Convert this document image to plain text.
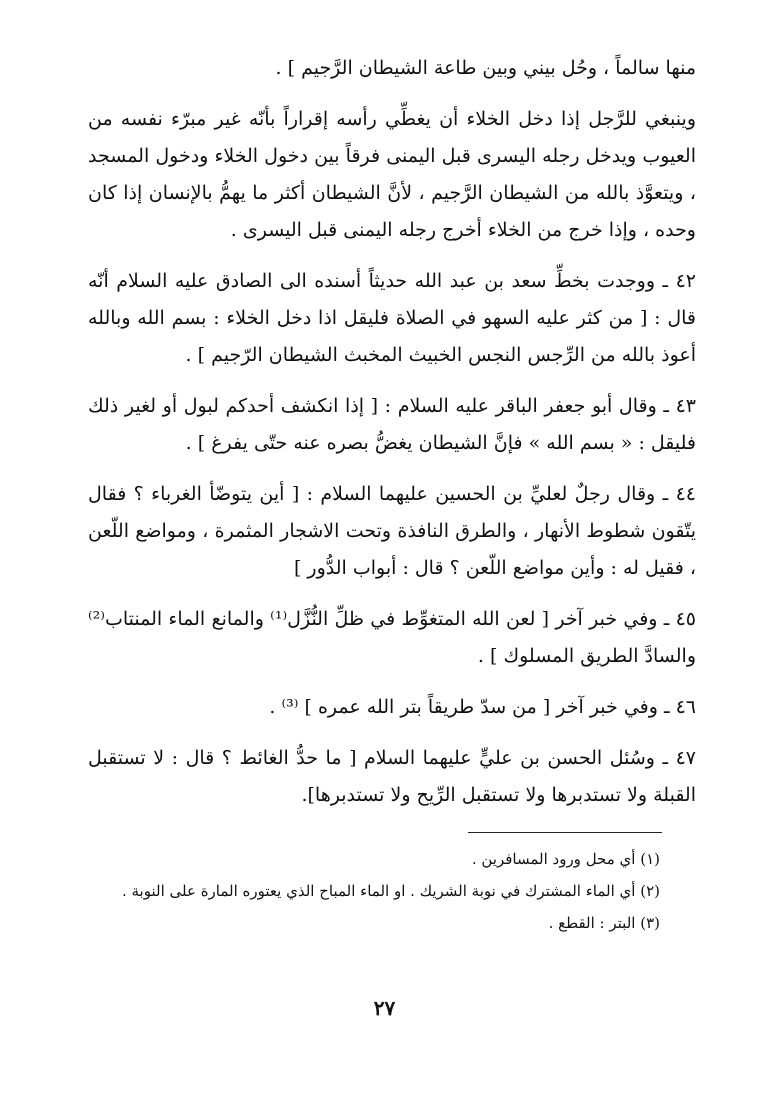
منها سالماً ، وحُل بيني وبين طاعة الشيطان الرَّجيم ] .

وينبغي للرَّجل إذا دخل الخلاء أن يغطِّي رأسه إقراراً بأنّه غير مبرّء نفسه من العيوب ويدخل رجله اليسرى قبل اليمنى فرقاً بين دخول الخلاء ودخول المسجد ، ويتعوَّذ بالله من الشيطان الرَّجيم ، لأنَّ الشيطان أكثر ما يهمُّ بالإنسان إذا كان وحده ، وإذا خرج من الخلاء أخرج رجله اليمنى قبل اليسرى .

٤٢ ـ ووجدت بخطِّ سعد بن عبد الله حديثاً أسنده الى الصادق عليه السلام أنّه قال : [ من كثر عليه السهو في الصلاة فليقل اذا دخل الخلاء : بسم الله وبالله أعوذ بالله من الرِّجس النجس الخبيث المخبث الشيطان الرّجيم ] .

٤٣ ـ وقال أبو جعفر الباقر عليه السلام : [ إذا انكشف أحدكم لبول أو لغير ذلك فليقل : « بسم الله » فإنَّ الشيطان يغضُّ بصره عنه حتّى يفرغ ] .

٤٤ ـ وقال رجلٌ لعليِّ بن الحسين عليهما السلام : [ أين يتوضّأ الغرباء ؟ فقال يتّقون شطوط الأنهار ، والطرق النافذة وتحت الاشجار المثمرة ، ومواضع اللّعن ، فقيل له : وأين مواضع اللّعن ؟ قال : أبواب الدُّور ]

٤٥ ـ وفي خبر آخر [ لعن الله المتغوِّط في ظلِّ النُّزَّل⁽¹⁾ والمانع الماء المنتاب⁽²⁾ والسادَّ الطريق المسلوك ] .

٤٦ ـ وفي خبر آخر [ من سدّ طريقاً بتر الله عمره ] ⁽³⁾ .

٤٧ ـ وسُئل الحسن بن عليٍّ عليهما السلام [ ما حدُّ الغائط ؟ قال : لا تستقبل القبلة ولا تستدبرها ولا تستقبل الرِّيح ولا تستدبرها].

(١) أي محل ورود المسافرين .

(٢) أي الماء المشترك في نوبة الشريك . او الماء المباح الذي يعتوره المارة على النوبة .

(٣) البتر : القطع .

٢٧
